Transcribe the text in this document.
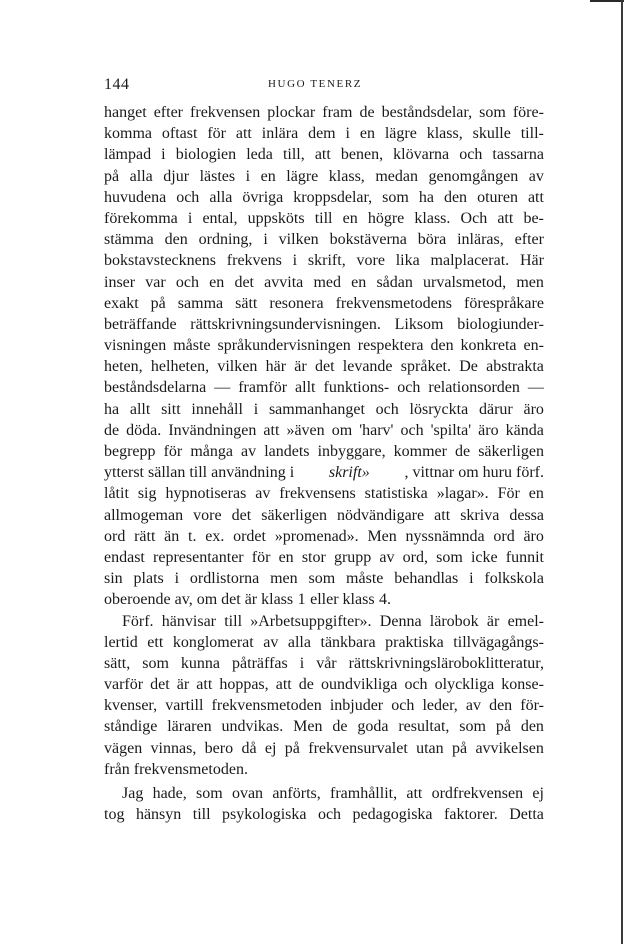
144	HUGO TENERZ
hanget efter frekvensen plockar fram de beståndsdelar, som före-
komma oftast för att inlära dem i en lägre klass, skulle till-
lämpad i biologien leda till, att benen, klövarna och tassarna
på alla djur lästes i en lägre klass, medan genomgången av
huvudena och alla övriga kroppsdelar, som ha den oturen att
förekomma i ental, uppsköts till en högre klass. Och att be-
stämma den ordning, i vilken bokstäverna böra inläras, efter
bokstavstecknens frekvens i skrift, vore lika malplacerat. Här
inser var och en det avvita med en sådan urvalsmetod, men
exakt på samma sätt resonera frekvensmetodens förespråkare
beträffande rättskrivningsundervisningen. Liksom biologiunder-
visningen måste språkundervisningen respektera den konkreta en-
heten, helheten, vilken här är det levande språket. De abstrakta
beståndsdelarna — framför allt funktions- och relationsorden —
ha allt sitt innehåll i sammanhanget och lösryckta därur äro
de döda. Invändningen att »även om 'harv' och 'spilta' äro kända
begrepp för många av landets inbyggare, kommer de säkerligen
ytterst sällan till användning i skrift» , vittnar om huru förf.
låtit sig hypnotiseras av frekvensens statistiska »lagar». För en
allmogeman vore det säkerligen nödvändigare att skriva dessa
ord rätt än t. ex. ordet »promenad». Men nyssnämnda ord äro
endast representanter för en stor grupp av ord, som icke funnit
sin plats i ordlistorna men som måste behandlas i folkskola
oberoende av, om det är klass 1 eller klass 4.
Förf. hänvisar till »Arbetsuppgifter». Denna lärobok är emel-
lertid ett konglomerat av alla tänkbara praktiska tillvägagångs-
sätt, som kunna påträffas i vår rättskrivningsläroboklitteratur,
varför det är att hoppas, att de oundvikliga och olyckliga konse-
kvenser, vartill frekvensmetoden inbjuder och leder, av den för-
ståndige läraren undvikas. Men de goda resultat, som på den
vägen vinnas, bero då ej på frekvensurvalet utan på avvikelsen
från frekvensmetoden.
Jag hade, som ovan anförts, framhållit, att ordfrekvensen ej
tog hänsyn till psykologiska och pedagogiska faktorer. Detta
